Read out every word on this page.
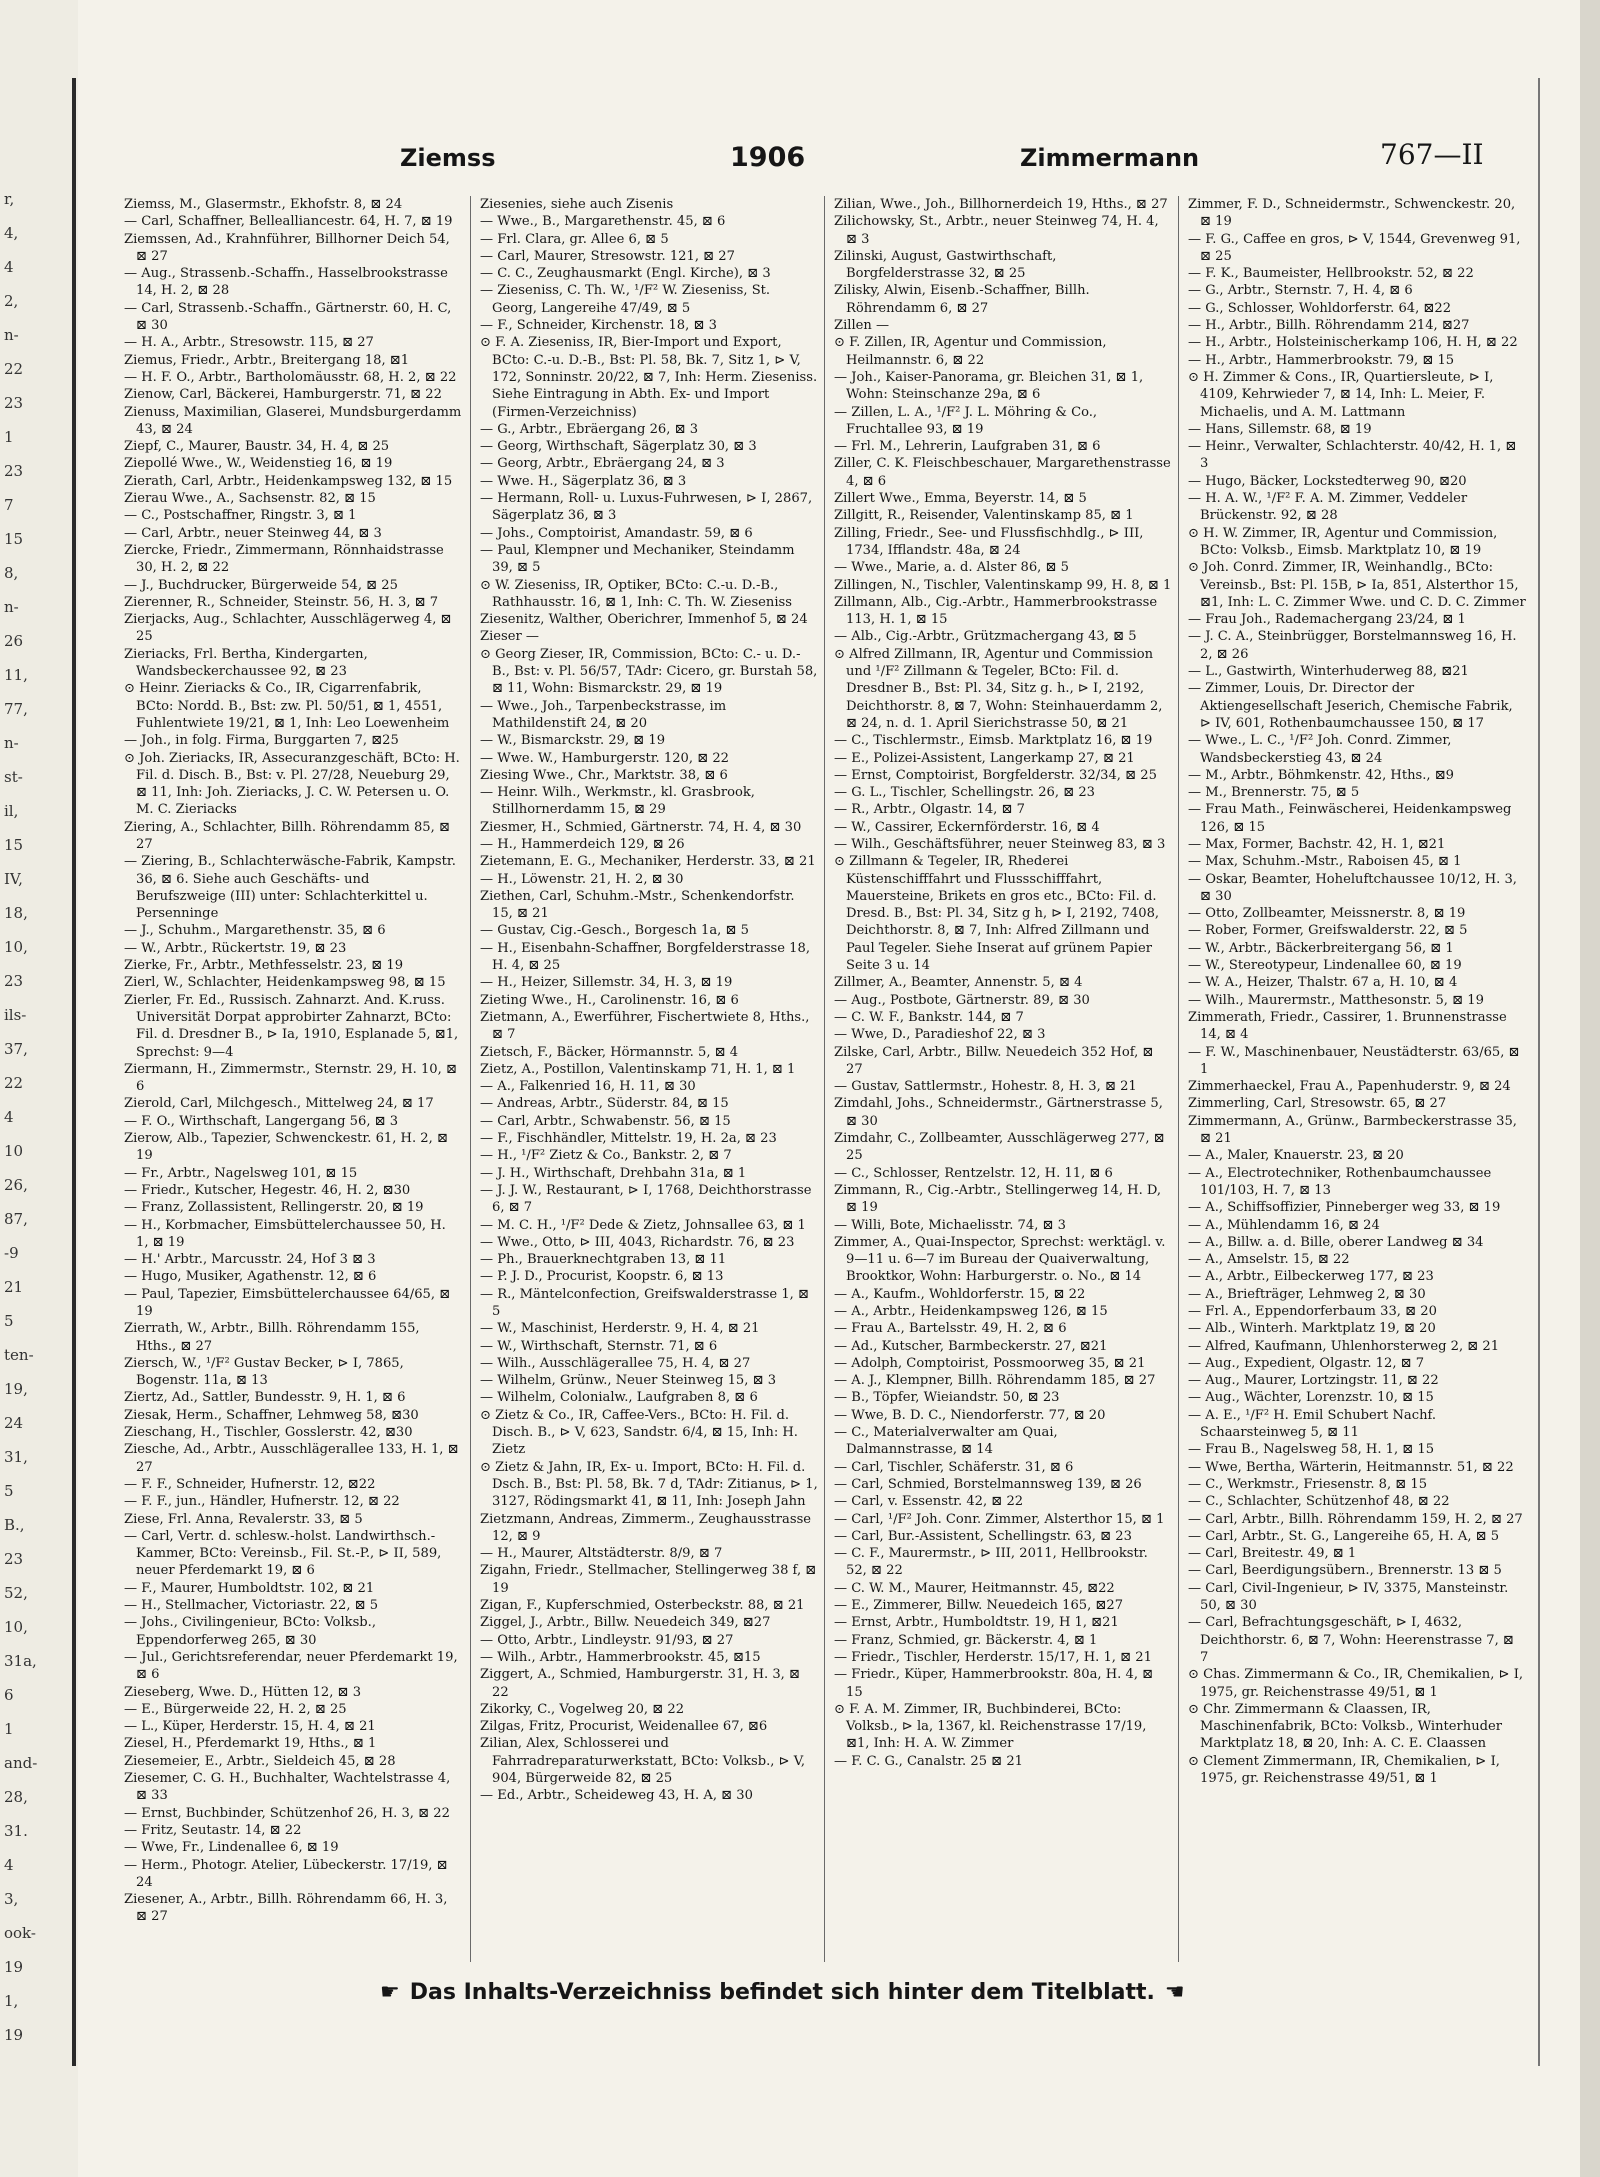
r,
4,
4
2,
n-
22
23
1
23
7
15
8,
n-
26
11,
77,
n-
st-
il,
15
IV,
18,
10,
23
ils-
37,
22
4
10
26,
87,
-9
21
5
ten-
19,
24
31,
5
B.,
23
52,
10,
31a,
6
1
and-
28,
31.
4
3,
ook-
19
1,
19
Ziemss	1906	Zimmermann	767—II

Ziemss, M., Glasermstr., Ekhofstr. 8, ⊠ 24

— Carl, Schaffner, Bellealliancestr. 64, H. 7, ⊠ 19

Ziemssen, Ad., Krahnführer, Billhorner Deich 54, ⊠ 27

— Aug., Strassenb.-Schaffn., Hasselbrookstrasse 14, H. 2, ⊠ 28

— Carl, Strassenb.-Schaffn., Gärtnerstr. 60, H. C, ⊠ 30

— H. A., Arbtr., Stresowstr. 115, ⊠ 27

Ziemus, Friedr., Arbtr., Breitergang 18, ⊠1

— H. F. O., Arbtr., Bartholomäusstr. 68, H. 2, ⊠ 22

Zienow, Carl, Bäckerei, Hamburgerstr. 71, ⊠ 22

Zienuss, Maximilian, Glaserei, Mundsburgerdamm 43, ⊠ 24

Ziepf, C., Maurer, Baustr. 34, H. 4, ⊠ 25

Ziepollé Wwe., W., Weidenstieg 16, ⊠ 19

Zierath, Carl, Arbtr., Heidenkampsweg 132, ⊠ 15

Zierau Wwe., A., Sachsenstr. 82, ⊠ 15

— C., Postschaffner, Ringstr. 3, ⊠ 1

— Carl, Arbtr., neuer Steinweg 44, ⊠ 3

Ziercke, Friedr., Zimmermann, Rönnhaidstrasse 30, H. 2, ⊠ 22

— J., Buchdrucker, Bürgerweide 54, ⊠ 25

Zierenner, R., Schneider, Steinstr. 56, H. 3, ⊠ 7

Zierjacks, Aug., Schlachter, Ausschlägerweg 4, ⊠ 25

Zieriacks, Frl. Bertha, Kindergarten, Wandsbeckerchaussee 92, ⊠ 23

⊙ Heinr. Zieriacks & Co., IR, Cigarrenfabrik, BCto: Nordd. B., Bst: zw. Pl. 50/51, ⊠ 1, 4551, Fuhlentwiete 19/21, ⊠ 1, Inh: Leo Loewenheim

— Joh., in folg. Firma, Burggarten 7, ⊠25

⊙ Joh. Zieriacks, IR, Assecuranzgeschäft, BCto: H. Fil. d. Disch. B., Bst: v. Pl. 27/28, Neueburg 29, ⊠ 11, Inh: Joh. Zieriacks, J. C. W. Petersen u. O. M. C. Zieriacks

Ziering, A., Schlachter, Billh. Röhrendamm 85, ⊠ 27

— Ziering, B., Schlachterwäsche-Fabrik, Kampstr. 36, ⊠ 6. Siehe auch Geschäfts- und Berufszweige (III) unter: Schlachterkittel u. Persenninge

— J., Schuhm., Margarethenstr. 35, ⊠ 6

— W., Arbtr., Rückertstr. 19, ⊠ 23

Zierke, Fr., Arbtr., Methfesselstr. 23, ⊠ 19

Zierl, W., Schlachter, Heidenkampsweg 98, ⊠ 15

Zierler, Fr. Ed., Russisch. Zahnarzt. And. K.russ. Universität Dorpat approbirter Zahnarzt, BCto: Fil. d. Dresdner B., ⊳ Ia, 1910, Esplanade 5, ⊠1, Sprechst: 9—4

Ziermann, H., Zimmermstr., Sternstr. 29, H. 10, ⊠ 6

Zierold, Carl, Milchgesch., Mittelweg 24, ⊠ 17

— F. O., Wirthschaft, Langergang 56, ⊠ 3

Zierow, Alb., Tapezier, Schwenckestr. 61, H. 2, ⊠ 19

— Fr., Arbtr., Nagelsweg 101, ⊠ 15

— Friedr., Kutscher, Hegestr. 46, H. 2, ⊠30

— Franz, Zollassistent, Rellingerstr. 20, ⊠ 19

— H., Korbmacher, Eimsbüttelerchaussee 50, H. 1, ⊠ 19

— H.' Arbtr., Marcusstr. 24, Hof 3 ⊠ 3

— Hugo, Musiker, Agathenstr. 12, ⊠ 6

— Paul, Tapezier, Eimsbüttelerchaussee 64/65, ⊠ 19

Zierrath, W., Arbtr., Billh. Röhrendamm 155, Hths., ⊠ 27

Ziersch, W., ¹/F² Gustav Becker, ⊳ I, 7865, Bogenstr. 11a, ⊠ 13

Ziertz, Ad., Sattler, Bundesstr. 9, H. 1, ⊠ 6

Ziesak, Herm., Schaffner, Lehmweg 58, ⊠30

Zieschang, H., Tischler, Gosslerstr. 42, ⊠30

Ziesche, Ad., Arbtr., Ausschlägerallee 133, H. 1, ⊠ 27

— F. F., Schneider, Hufnerstr. 12, ⊠22

— F. F., jun., Händler, Hufnerstr. 12, ⊠ 22

Ziese, Frl. Anna, Revalerstr. 33, ⊠ 5

— Carl, Vertr. d. schlesw.-holst. Landwirthsch.-Kammer, BCto: Vereinsb., Fil. St.-P., ⊳ II, 589, neuer Pferdemarkt 19, ⊠ 6

— F., Maurer, Humboldtstr. 102, ⊠ 21

— H., Stellmacher, Victoriastr. 22, ⊠ 5

— Johs., Civilingenieur, BCto: Volksb., Eppendorferweg 265, ⊠ 30

— Jul., Gerichtsreferendar, neuer Pferdemarkt 19, ⊠ 6

Zieseberg, Wwe. D., Hütten 12, ⊠ 3

— E., Bürgerweide 22, H. 2, ⊠ 25

— L., Küper, Herderstr. 15, H. 4, ⊠ 21

Ziesel, H., Pferdemarkt 19, Hths., ⊠ 1

Ziesemeier, E., Arbtr., Sieldeich 45, ⊠ 28

Ziesemer, C. G. H., Buchhalter, Wachtelstrasse 4, ⊠ 33

— Ernst, Buchbinder, Schützenhof 26, H. 3, ⊠ 22

— Fritz, Seutastr. 14, ⊠ 22

— Wwe, Fr., Lindenallee 6, ⊠ 19

— Herm., Photogr. Atelier, Lübeckerstr. 17/19, ⊠ 24

Ziesener, A., Arbtr., Billh. Röhrendamm 66, H. 3, ⊠ 27

Ziesenies, siehe auch Zisenis

— Wwe., B., Margarethenstr. 45, ⊠ 6

— Frl. Clara, gr. Allee 6, ⊠ 5

— Carl, Maurer, Stresowstr. 121, ⊠ 27

— C. C., Zeughausmarkt (Engl. Kirche), ⊠ 3

— Zieseniss, C. Th. W., ¹/F² W. Zieseniss, St. Georg, Langereihe 47/49, ⊠ 5

— F., Schneider, Kirchenstr. 18, ⊠ 3

⊙ F. A. Zieseniss, IR, Bier-Import und Export, BCto: C.-u. D.-B., Bst: Pl. 58, Bk. 7, Sitz 1, ⊳ V, 172, Sonninstr. 20/22, ⊠ 7, Inh: Herm. Zieseniss. Siehe Eintragung in Abth. Ex- und Import (Firmen-Verzeichniss)

— G., Arbtr., Ebräergang 26, ⊠ 3

— Georg, Wirthschaft, Sägerplatz 30, ⊠ 3

— Georg, Arbtr., Ebräergang 24, ⊠ 3

— Wwe. H., Sägerplatz 36, ⊠ 3

— Hermann, Roll- u. Luxus-Fuhrwesen, ⊳ I, 2867, Sägerplatz 36, ⊠ 3

— Johs., Comptoirist, Amandastr. 59, ⊠ 6

— Paul, Klempner und Mechaniker, Steindamm 39, ⊠ 5

⊙ W. Zieseniss, IR, Optiker, BCto: C.-u. D.-B., Rathhausstr. 16, ⊠ 1, Inh: C. Th. W. Zieseniss

Ziesenitz, Walther, Oberichrer, Immenhof 5, ⊠ 24

Zieser —

⊙ Georg Zieser, IR, Commission, BCto: C.- u. D.-B., Bst: v. Pl. 56/57, TAdr: Cicero, gr. Burstah 58, ⊠ 11, Wohn: Bismarckstr. 29, ⊠ 19

— Wwe., Joh., Tarpenbeckstrasse, im Mathildenstift 24, ⊠ 20

— W., Bismarckstr. 29, ⊠ 19

— Wwe. W., Hamburgerstr. 120, ⊠ 22

Ziesing Wwe., Chr., Marktstr. 38, ⊠ 6

— Heinr. Wilh., Werkmstr., kl. Grasbrook, Stillhornerdamm 15, ⊠ 29

Ziesmer, H., Schmied, Gärtnerstr. 74, H. 4, ⊠ 30

— H., Hammerdeich 129, ⊠ 26

Zietemann, E. G., Mechaniker, Herderstr. 33, ⊠ 21

— H., Löwenstr. 21, H. 2, ⊠ 30

Ziethen, Carl, Schuhm.-Mstr., Schenkendorfstr. 15, ⊠ 21

— Gustav, Cig.-Gesch., Borgesch 1a, ⊠ 5

— H., Eisenbahn-Schaffner, Borgfelderstrasse 18, H. 4, ⊠ 25

— H., Heizer, Sillemstr. 34, H. 3, ⊠ 19

Zieting Wwe., H., Carolinenstr. 16, ⊠ 6

Zietmann, A., Ewerführer, Fischertwiete 8, Hths., ⊠ 7

Zietsch, F., Bäcker, Hörmannstr. 5, ⊠ 4

Zietz, A., Postillon, Valentinskamp 71, H. 1, ⊠ 1

— A., Falkenried 16, H. 11, ⊠ 30

— Andreas, Arbtr., Süderstr. 84, ⊠ 15

— Carl, Arbtr., Schwabenstr. 56, ⊠ 15

— F., Fischhändler, Mittelstr. 19, H. 2a, ⊠ 23

— H., ¹/F² Zietz & Co., Bankstr. 2, ⊠ 7

— J. H., Wirthschaft, Drehbahn 31a, ⊠ 1

— J. J. W., Restaurant, ⊳ I, 1768, Deichthorstrasse 6, ⊠ 7

— M. C. H., ¹/F² Dede & Zietz, Johnsallee 63, ⊠ 1

— Wwe., Otto, ⊳ III, 4043, Richardstr. 76, ⊠ 23

— Ph., Brauerknechtgraben 13, ⊠ 11

— P. J. D., Procurist, Koopstr. 6, ⊠ 13

— R., Mäntelconfection, Greifswalderstrasse 1, ⊠ 5

— W., Maschinist, Herderstr. 9, H. 4, ⊠ 21

— W., Wirthschaft, Sternstr. 71, ⊠ 6

— Wilh., Ausschlägerallee 75, H. 4, ⊠ 27

— Wilhelm, Grünw., Neuer Steinweg 15, ⊠ 3

— Wilhelm, Colonialw., Laufgraben 8, ⊠ 6

⊙ Zietz & Co., IR, Caffee-Vers., BCto: H. Fil. d. Disch. B., ⊳ V, 623, Sandstr. 6/4, ⊠ 15, Inh: H. Zietz

⊙ Zietz & Jahn, IR, Ex- u. Import, BCto: H. Fil. d. Dsch. B., Bst: Pl. 58, Bk. 7 d, TAdr: Zitianus, ⊳ 1, 3127, Rödingsmarkt 41, ⊠ 11, Inh: Joseph Jahn

Zietzmann, Andreas, Zimmerm., Zeughausstrasse 12, ⊠ 9

— H., Maurer, Altstädterstr. 8/9, ⊠ 7

Zigahn, Friedr., Stellmacher, Stellingerweg 38 f, ⊠ 19

Zigan, F., Kupferschmied, Osterbeckstr. 88, ⊠ 21

Ziggel, J., Arbtr., Billw. Neuedeich 349, ⊠27

— Otto, Arbtr., Lindleystr. 91/93, ⊠ 27

— Wilh., Arbtr., Hammerbrookstr. 45, ⊠15

Ziggert, A., Schmied, Hamburgerstr. 31, H. 3, ⊠ 22

Zikorky, C., Vogelweg 20, ⊠ 22

Zilgas, Fritz, Procurist, Weidenallee 67, ⊠6

Zilian, Alex, Schlosserei und Fahrradreparaturwerkstatt, BCto: Volksb., ⊳ V, 904, Bürgerweide 82, ⊠ 25

— Ed., Arbtr., Scheideweg 43, H. A, ⊠ 30

Zilian, Wwe., Joh., Billhornerdeich 19, Hths., ⊠ 27

Zilichowsky, St., Arbtr., neuer Steinweg 74, H. 4, ⊠ 3

Zilinski, August, Gastwirthschaft, Borgfelderstrasse 32, ⊠ 25

Zilisky, Alwin, Eisenb.-Schaffner, Billh. Röhrendamm 6, ⊠ 27

Zillen —

⊙ F. Zillen, IR, Agentur und Commission, Heilmannstr. 6, ⊠ 22

— Joh., Kaiser-Panorama, gr. Bleichen 31, ⊠ 1, Wohn: Steinschanze 29a, ⊠ 6

— Zillen, L. A., ¹/F² J. L. Möhring & Co., Fruchtallee 93, ⊠ 19

— Frl. M., Lehrerin, Laufgraben 31, ⊠ 6

Ziller, C. K. Fleischbeschauer, Margarethenstrasse 4, ⊠ 6

Zillert Wwe., Emma, Beyerstr. 14, ⊠ 5

Zillgitt, R., Reisender, Valentinskamp 85, ⊠ 1

Zilling, Friedr., See- und Flussfischhdlg., ⊳ III, 1734, Ifflandstr. 48a, ⊠ 24

— Wwe., Marie, a. d. Alster 86, ⊠ 5

Zillingen, N., Tischler, Valentinskamp 99, H. 8, ⊠ 1

Zillmann, Alb., Cig.-Arbtr., Hammerbrookstrasse 113, H. 1, ⊠ 15

— Alb., Cig.-Arbtr., Grützmachergang 43, ⊠ 5

⊙ Alfred Zillmann, IR, Agentur und Commission und ¹/F² Zillmann & Tegeler, BCto: Fil. d. Dresdner B., Bst: Pl. 34, Sitz g. h., ⊳ I, 2192, Deichthorstr. 8, ⊠ 7, Wohn: Steinhauerdamm 2, ⊠ 24, n. d. 1. April Sierichstrasse 50, ⊠ 21

— C., Tischlermstr., Eimsb. Marktplatz 16, ⊠ 19

— E., Polizei-Assistent, Langerkamp 27, ⊠ 21

— Ernst, Comptoirist, Borgfelderstr. 32/34, ⊠ 25

— G. L., Tischler, Schellingstr. 26, ⊠ 23

— R., Arbtr., Olgastr. 14, ⊠ 7

— W., Cassirer, Eckernförderstr. 16, ⊠ 4

— Wilh., Geschäftsführer, neuer Steinweg 83, ⊠ 3

⊙ Zillmann & Tegeler, IR, Rhederei Küstenschifffahrt und Flussschifffahrt, Mauersteine, Brikets en gros etc., BCto: Fil. d. Dresd. B., Bst: Pl. 34, Sitz g h, ⊳ I, 2192, 7408, Deichthorstr. 8, ⊠ 7, Inh: Alfred Zillmann und Paul Tegeler. Siehe Inserat auf grünem Papier Seite 3 u. 14

Zillmer, A., Beamter, Annenstr. 5, ⊠ 4

— Aug., Postbote, Gärtnerstr. 89, ⊠ 30

— C. W. F., Bankstr. 144, ⊠ 7

— Wwe, D., Paradieshof 22, ⊠ 3

Zilske, Carl, Arbtr., Billw. Neuedeich 352 Hof, ⊠ 27

— Gustav, Sattlermstr., Hohestr. 8, H. 3, ⊠ 21

Zimdahl, Johs., Schneidermstr., Gärtnerstrasse 5, ⊠ 30

Zimdahr, C., Zollbeamter, Ausschlägerweg 277, ⊠ 25

— C., Schlosser, Rentzelstr. 12, H. 11, ⊠ 6

Zimmann, R., Cig.-Arbtr., Stellingerweg 14, H. D, ⊠ 19

— Willi, Bote, Michaelisstr. 74, ⊠ 3

Zimmer, A., Quai-Inspector, Sprechst: werktägl. v. 9—11 u. 6—7 im Bureau der Quaiverwaltung, Brooktkor, Wohn: Harburgerstr. o. No., ⊠ 14

— A., Kaufm., Wohldorferstr. 15, ⊠ 22

— A., Arbtr., Heidenkampsweg 126, ⊠ 15

— Frau A., Bartelsstr. 49, H. 2, ⊠ 6

— Ad., Kutscher, Barmbeckerstr. 27, ⊠21

— Adolph, Comptoirist, Possmoorweg 35, ⊠ 21

— A. J., Klempner, Billh. Röhrendamm 185, ⊠ 27

— B., Töpfer, Wieiandstr. 50, ⊠ 23

— Wwe, B. D. C., Niendorferstr. 77, ⊠ 20

— C., Materialverwalter am Quai, Dalmannstrasse, ⊠ 14

— Carl, Tischler, Schäferstr. 31, ⊠ 6

— Carl, Schmied, Borstelmannsweg 139, ⊠ 26

— Carl, v. Essenstr. 42, ⊠ 22

— Carl, ¹/F² Joh. Conr. Zimmer, Alsterthor 15, ⊠ 1

— Carl, Bur.-Assistent, Schellingstr. 63, ⊠ 23

— C. F., Maurermstr., ⊳ III, 2011, Hellbrookstr. 52, ⊠ 22

— C. W. M., Maurer, Heitmannstr. 45, ⊠22

— E., Zimmerer, Billw. Neuedeich 165, ⊠27

— Ernst, Arbtr., Humboldtstr. 19, H 1, ⊠21

— Franz, Schmied, gr. Bäckerstr. 4, ⊠ 1

— Friedr., Tischler, Herderstr. 15/17, H. 1, ⊠ 21

— Friedr., Küper, Hammerbrookstr. 80a, H. 4, ⊠ 15

⊙ F. A. M. Zimmer, IR, Buchbinderei, BCto: Volksb., ⊳ la, 1367, kl. Reichenstrasse 17/19, ⊠1, Inh: H. A. W. Zimmer

— F. C. G., Canalstr. 25 ⊠ 21

Zimmer, F. D., Schneidermstr., Schwenckestr. 20, ⊠ 19

— F. G., Caffee en gros, ⊳ V, 1544, Grevenweg 91, ⊠ 25

— F. K., Baumeister, Hellbrookstr. 52, ⊠ 22

— G., Arbtr., Sternstr. 7, H. 4, ⊠ 6

— G., Schlosser, Wohldorferstr. 64, ⊠22

— H., Arbtr., Billh. Röhrendamm 214, ⊠27

— H., Arbtr., Holsteinischerkamp 106, H. H, ⊠ 22

— H., Arbtr., Hammerbrookstr. 79, ⊠ 15

⊙ H. Zimmer & Cons., IR, Quartiersleute, ⊳ I, 4109, Kehrwieder 7, ⊠ 14, Inh: L. Meier, F. Michaelis, und A. M. Lattmann

— Hans, Sillemstr. 68, ⊠ 19

— Heinr., Verwalter, Schlachterstr. 40/42, H. 1, ⊠ 3

— Hugo, Bäcker, Lockstedterweg 90, ⊠20

— H. A. W., ¹/F² F. A. M. Zimmer, Veddeler Brückenstr. 92, ⊠ 28

⊙ H. W. Zimmer, IR, Agentur und Commission, BCto: Volksb., Eimsb. Marktplatz 10, ⊠ 19

⊙ Joh. Conrd. Zimmer, IR, Weinhandlg., BCto: Vereinsb., Bst: Pl. 15B, ⊳ Ia, 851, Alsterthor 15, ⊠1, Inh: L. C. Zimmer Wwe. und C. D. C. Zimmer

— Frau Joh., Rademachergang 23/24, ⊠ 1

— J. C. A., Steinbrügger, Borstelmannsweg 16, H. 2, ⊠ 26

— L., Gastwirth, Winterhuderweg 88, ⊠21

— Zimmer, Louis, Dr. Director der Aktiengesellschaft Jeserich, Chemische Fabrik, ⊳ IV, 601, Rothenbaumchaussee 150, ⊠ 17

— Wwe., L. C., ¹/F² Joh. Conrd. Zimmer, Wandsbeckerstieg 43, ⊠ 24

— M., Arbtr., Böhmkenstr. 42, Hths., ⊠9

— M., Brennerstr. 75, ⊠ 5

— Frau Math., Feinwäscherei, Heidenkampsweg 126, ⊠ 15

— Max, Former, Bachstr. 42, H. 1, ⊠21

— Max, Schuhm.-Mstr., Raboisen 45, ⊠ 1

— Oskar, Beamter, Hoheluftchaussee 10/12, H. 3, ⊠ 30

— Otto, Zollbeamter, Meissnerstr. 8, ⊠ 19

— Rober, Former, Greifswalderstr. 22, ⊠ 5

— W., Arbtr., Bäckerbreitergang 56, ⊠ 1

— W., Stereotypeur, Lindenallee 60, ⊠ 19

— W. A., Heizer, Thalstr. 67 a, H. 10, ⊠ 4

— Wilh., Maurermstr., Matthesonstr. 5, ⊠ 19

Zimmerath, Friedr., Cassirer, 1. Brunnenstrasse 14, ⊠ 4

— F. W., Maschinenbauer, Neustädterstr. 63/65, ⊠ 1

Zimmerhaeckel, Frau A., Papenhuderstr. 9, ⊠ 24

Zimmerling, Carl, Stresowstr. 65, ⊠ 27

Zimmermann, A., Grünw., Barmbeckerstrasse 35, ⊠ 21

— A., Maler, Knauerstr. 23, ⊠ 20

— A., Electrotechniker, Rothenbaumchaussee 101/103, H. 7, ⊠ 13

— A., Schiffsoffizier, Pinneberger weg 33, ⊠ 19

— A., Mühlendamm 16, ⊠ 24

— A., Billw. a. d. Bille, oberer Landweg ⊠ 34

— A., Amselstr. 15, ⊠ 22

— A., Arbtr., Eilbeckerweg 177, ⊠ 23

— A., Briefträger, Lehmweg 2, ⊠ 30

— Frl. A., Eppendorferbaum 33, ⊠ 20

— Alb., Winterh. Marktplatz 19, ⊠ 20

— Alfred, Kaufmann, Uhlenhorsterweg 2, ⊠ 21

— Aug., Expedient, Olgastr. 12, ⊠ 7

— Aug., Maurer, Lortzingstr. 11, ⊠ 22

— Aug., Wächter, Lorenzstr. 10, ⊠ 15

— A. E., ¹/F² H. Emil Schubert Nachf. Schaarsteinweg 5, ⊠ 11

— Frau B., Nagelsweg 58, H. 1, ⊠ 15

— Wwe, Bertha, Wärterin, Heitmannstr. 51, ⊠ 22

— C., Werkmstr., Friesenstr. 8, ⊠ 15

— C., Schlachter, Schützenhof 48, ⊠ 22

— Carl, Arbtr., Billh. Röhrendamm 159, H. 2, ⊠ 27

— Carl, Arbtr., St. G., Langereihe 65, H. A, ⊠ 5

— Carl, Breitestr. 49, ⊠ 1

— Carl, Beerdigungsübern., Brennerstr. 13 ⊠ 5

— Carl, Civil-Ingenieur, ⊳ IV, 3375, Mansteinstr. 50, ⊠ 30

— Carl, Befrachtungsgeschäft, ⊳ I, 4632, Deichthorstr. 6, ⊠ 7, Wohn: Heerenstrasse 7, ⊠ 7

⊙ Chas. Zimmermann & Co., IR, Chemikalien, ⊳ I, 1975, gr. Reichenstrasse 49/51, ⊠ 1

⊙ Chr. Zimmermann & Claassen, IR, Maschinenfabrik, BCto: Volksb., Winterhuder Marktplatz 18, ⊠ 20, Inh: A. C. E. Claassen

⊙ Clement Zimmermann, IR, Chemikalien, ⊳ I, 1975, gr. Reichenstrasse 49/51, ⊠ 1

☛ Das Inhalts-Verzeichniss befindet sich hinter dem Titelblatt. ☚
